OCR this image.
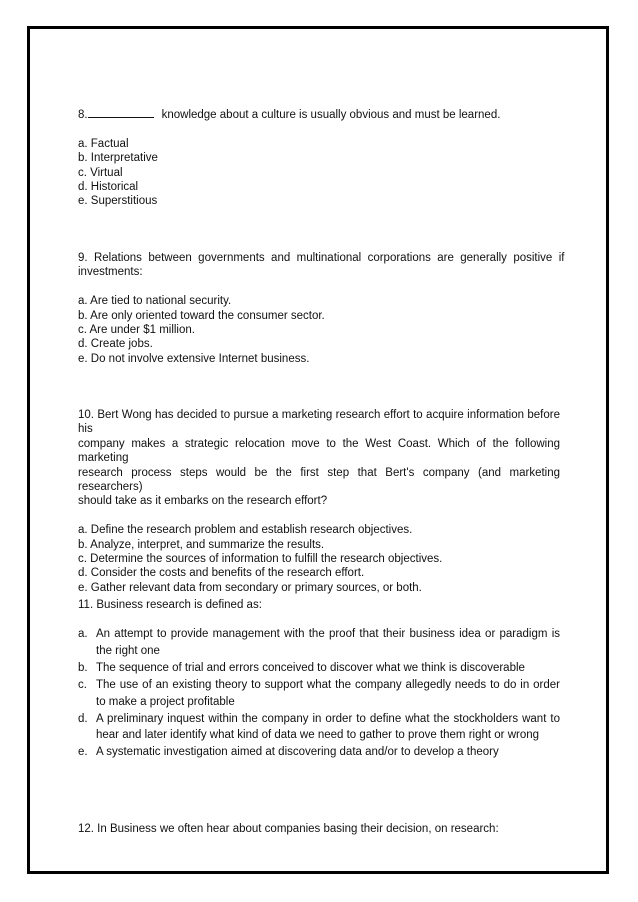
8.	knowledge about a culture is usually obvious and must be learned.
a. Factual
b. Interpretative
c. Virtual
d. Historical
e. Superstitious
9.  Relations  between  governments  and  multinational  corporations  are  generally  positive  if
investments:
a. Are tied to national security.
b. Are only oriented toward the consumer sector.
c. Are under $1 million.
d. Create jobs.
e. Do not involve extensive Internet business.
10. Bert Wong has decided to pursue a marketing research effort to acquire information before his
company makes a strategic relocation move to the West Coast. Which of the following marketing
research process steps would be the first step that Bert's company (and marketing researchers)
should take as it embarks on the research effort?
a. Define the research problem and establish research objectives.
b. Analyze, interpret, and summarize the results.
c. Determine the sources of information to fulfill the research objectives.
d. Consider the costs and benefits of the research effort.
e. Gather relevant data from secondary or primary sources, or both.
11. Business research is defined as:
a. An attempt to provide management with the proof that their business idea or paradigm is the right one
b. The sequence of trial and errors conceived to discover what we think is discoverable
c. The use of an existing theory to support what the company allegedly needs to do in order to make a project profitable
d. A preliminary inquest within the company in order to define what the stockholders want to hear and later identify what kind of data we need to gather to prove them right or wrong
e. A systematic investigation aimed at discovering data and/or to develop a theory
12. In Business we often hear about companies basing their decision, on research:
